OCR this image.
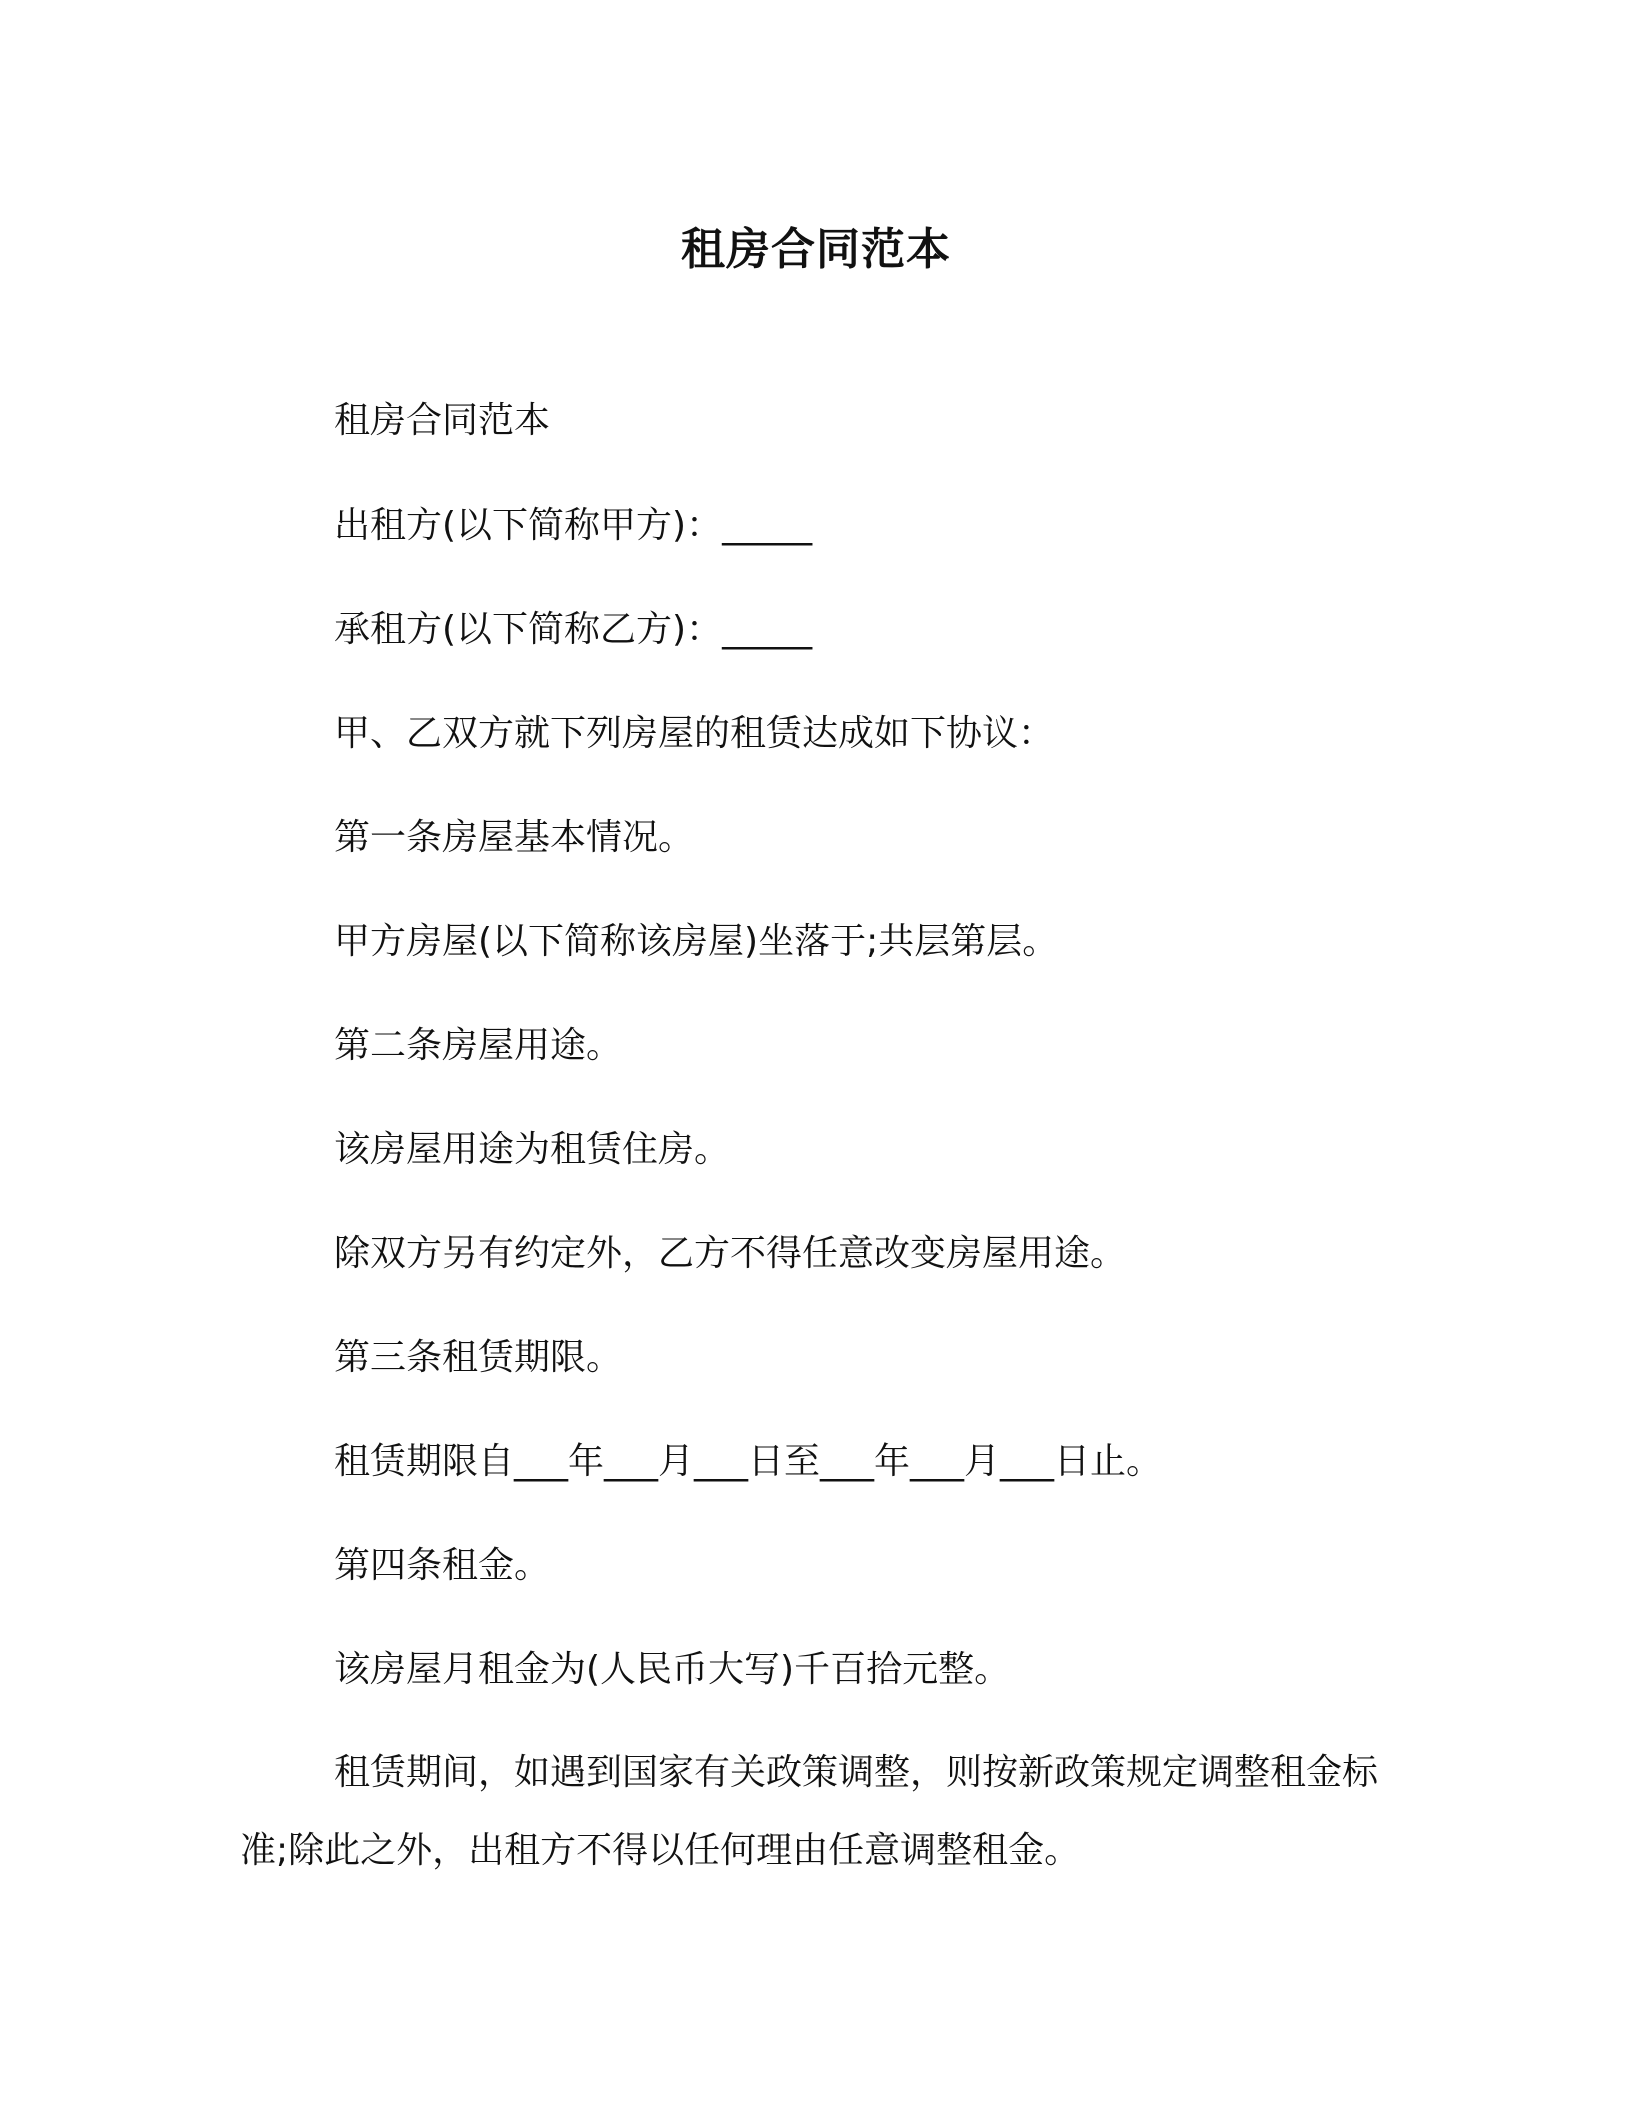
租房合同范本

租房合同范本

出租方(以下简称甲方)：_____

承租方(以下简称乙方)：_____

甲、乙双方就下列房屋的租赁达成如下协议：

第一条房屋基本情况。

甲方房屋(以下简称该房屋)坐落于;共层第层。

第二条房屋用途。

该房屋用途为租赁住房。

除双方另有约定外，乙方不得任意改变房屋用途。

第三条租赁期限。

租赁期限自___年___月___日至___年___月___日止。

第四条租金。

该房屋月租金为(人民币大写)千百拾元整。

租赁期间，如遇到国家有关政策调整，则按新政策规定调整租金标准;除此之外，出租方不得以任何理由任意调整租金。
